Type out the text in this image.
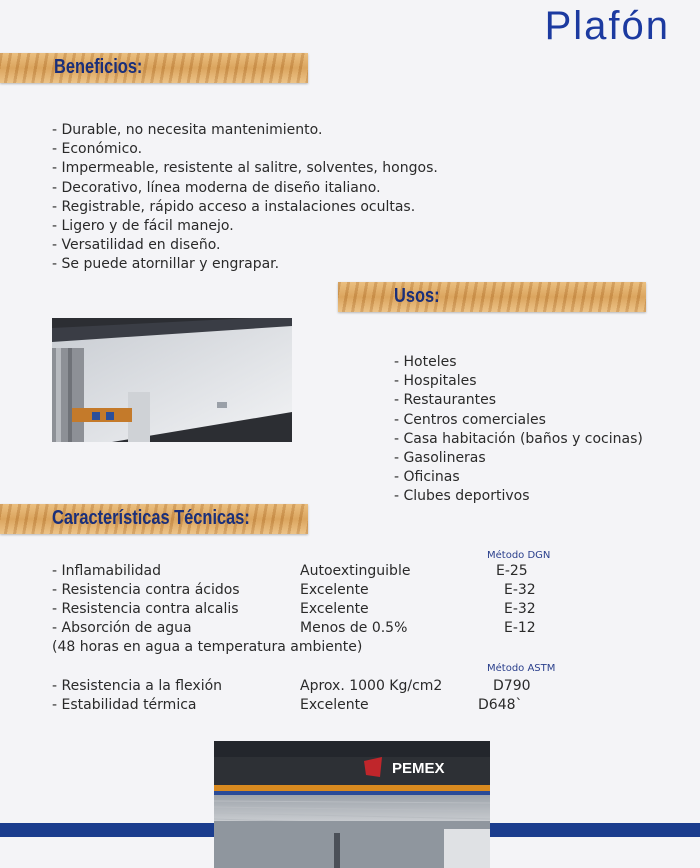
Plafón
Beneficios:
- Durable, no necesita mantenimiento.
- Económico.
- Impermeable, resistente al salitre, solventes, hongos.
- Decorativo, línea moderna de diseño italiano.
- Registrable, rápido acceso a instalaciones ocultas.
- Ligero y de fácil manejo.
- Versatilidad en diseño.
- Se puede atornillar y engrapar.
Usos:
- Hoteles
- Hospitales
- Restaurantes
- Centros comerciales
- Casa habitación (baños y cocinas)
- Gasolineras
- Oficinas
- Clubes deportivos
Características Técnicas:
Método DGN
- Inflamabilidad	Autoextinguible	E-25
- Resistencia contra ácidos	Excelente	E-32
- Resistencia contra alcalis	Excelente	E-32
- Absorción de agua	Menos de 0.5%	E-12
(48 horas en agua a temperatura ambiente)
Método ASTM
- Resistencia a la flexión	Aprox. 1000 Kg/cm2	D790
- Estabilidad térmica	Excelente	D648`
PEMEX
